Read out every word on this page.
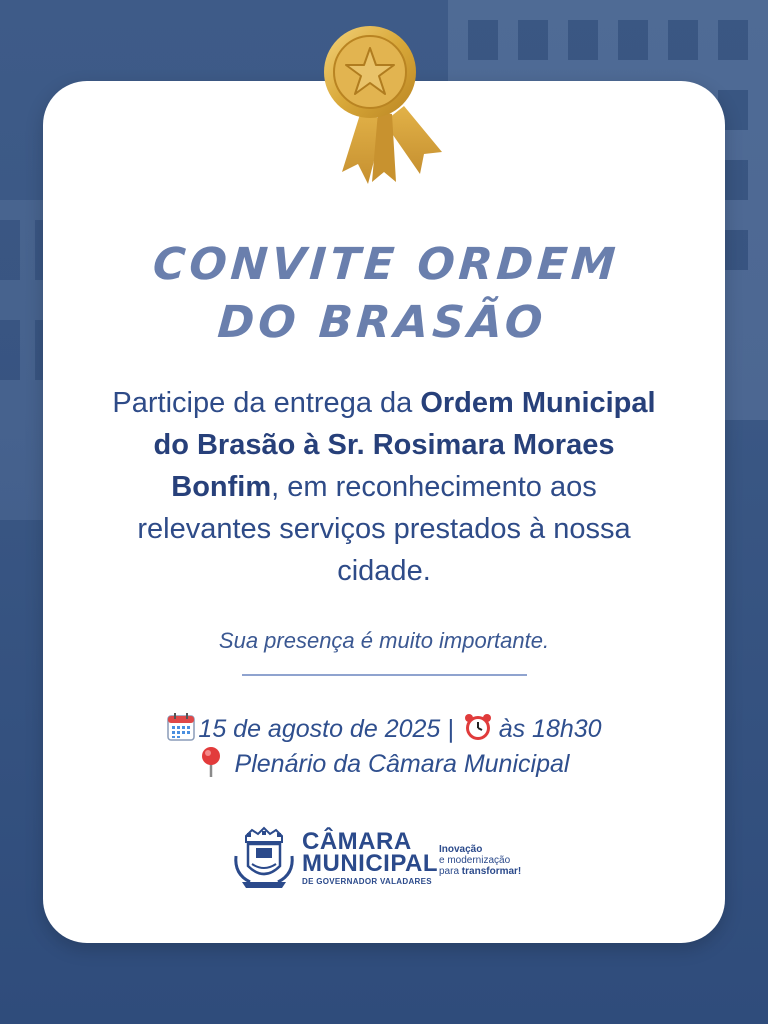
CONVITE ORDEM
DO BRASÃO
Participe da entrega da Ordem Municipal do Brasão à Sr. Rosimara Moraes Bonfim, em reconhecimento aos relevantes serviços prestados à nossa cidade.
Sua presença é muito importante.
15 de agosto de 2025 | às 18h30
Plenário da Câmara Municipal
CÂMARA
MUNICIPAL
DE GOVERNADOR VALADARES
Inovação
e modernização
para transformar!
